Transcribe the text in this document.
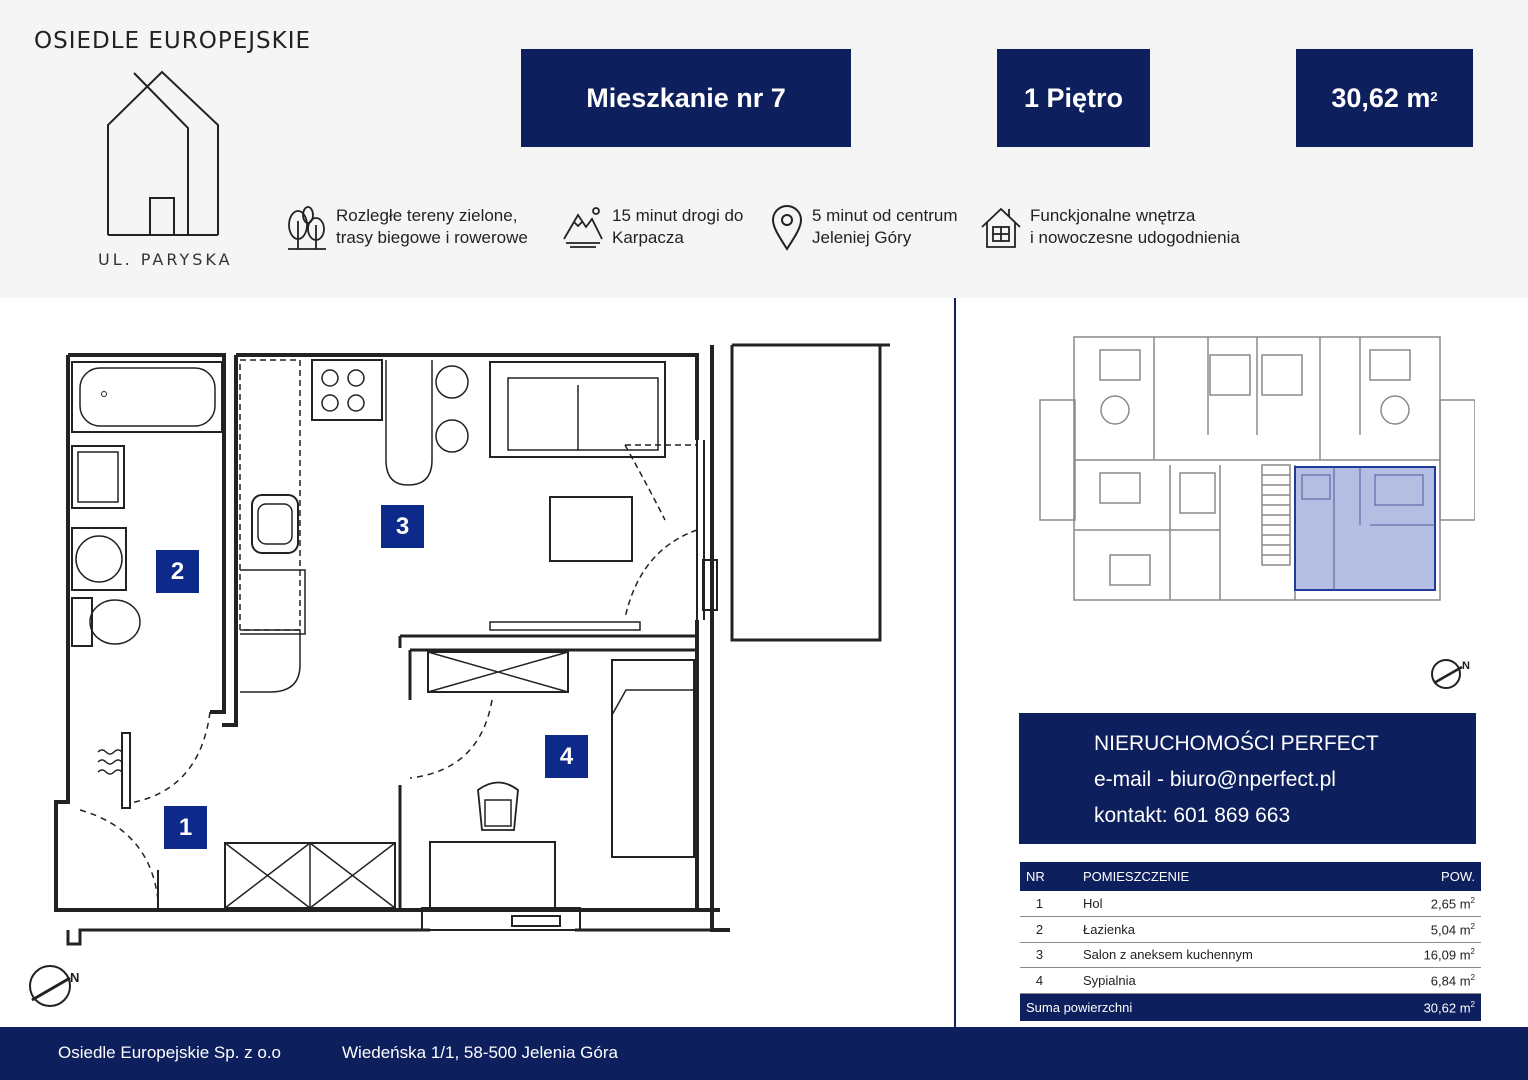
OSIEDLE EUROPEJSKIE
UL. PARYSKA
Mieszkanie nr 7	1 Piętro	30,62 $m^2$
Rozległe tereny zielone,
trasy biegowe i rowerowe
15 minut drogi do
Karpacza
5 minut od centrum
Jeleniej Góry
Funckjonalne wnętrza
i nowoczesne udogodnienia
1
2
3
4
N
N
NIERUCHOMOŚCI PERFECT
e-mail - biuro@nperfect.pl
kontakt: 601 869 663
NR	POMIESZCZENIE	POW.
1	Hol	2,65 $m^2$
2	Łazienka	5,04 $m^2$
3	Salon z aneksem kuchennym	16,09 $m^2$
4	Sypialnia	6,84 $m^2$
Suma powierzchni		30,62 $m^2$
Osiedle Europejskie Sp. z o.o	Wiedeńska 1/1, 58-500 Jelenia Góra
